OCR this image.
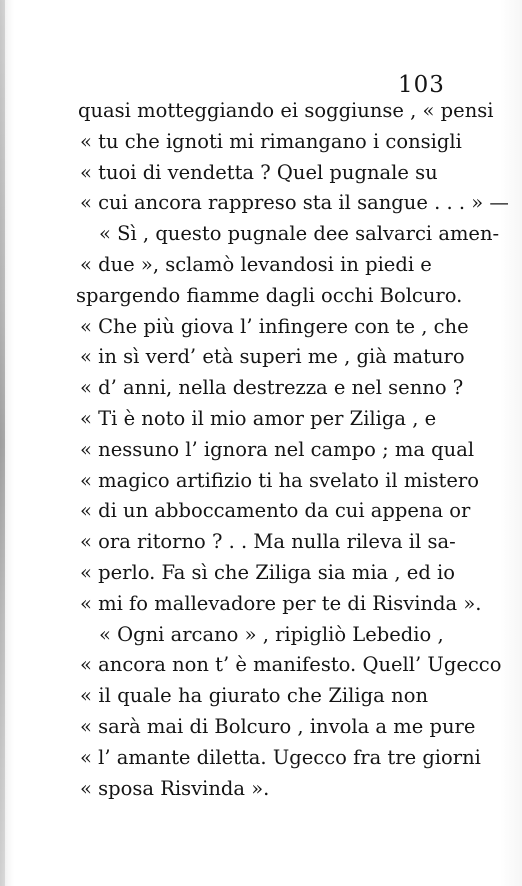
103
quasi motteggiando ei soggiunse , « pensi
« tu che ignoti mi rimangano i consigli
« tuoi di vendetta ? Quel pugnale su
« cui ancora rappreso sta il sangue . . . » —
« Sì , questo pugnale dee salvarci amen-
« due », sclamò levandosi in piedi e
spargendo fiamme dagli occhi Bolcuro.
« Che più giova l’ infingere con te , che
« in sì verd’ età superi me , già maturo
« d’ anni, nella destrezza e nel senno ?
« Ti è noto il mio amor per Ziliga , e
« nessuno l’ ignora nel campo ; ma qual
« magico artifizio ti ha svelato il mistero
« di un abboccamento da cui appena or
« ora ritorno ? . . Ma nulla rileva il sa-
« perlo. Fa sì che Ziliga sia mia , ed io
« mi fo mallevadore per te di Risvinda ».
« Ogni arcano » , ripigliò Lebedio ,
« ancora non t’ è manifesto. Quell’ Ugecco
« il quale ha giurato che Ziliga non
« sarà mai di Bolcuro , invola a me pure
« l’ amante diletta. Ugecco fra tre giorni
« sposa Risvinda ».
